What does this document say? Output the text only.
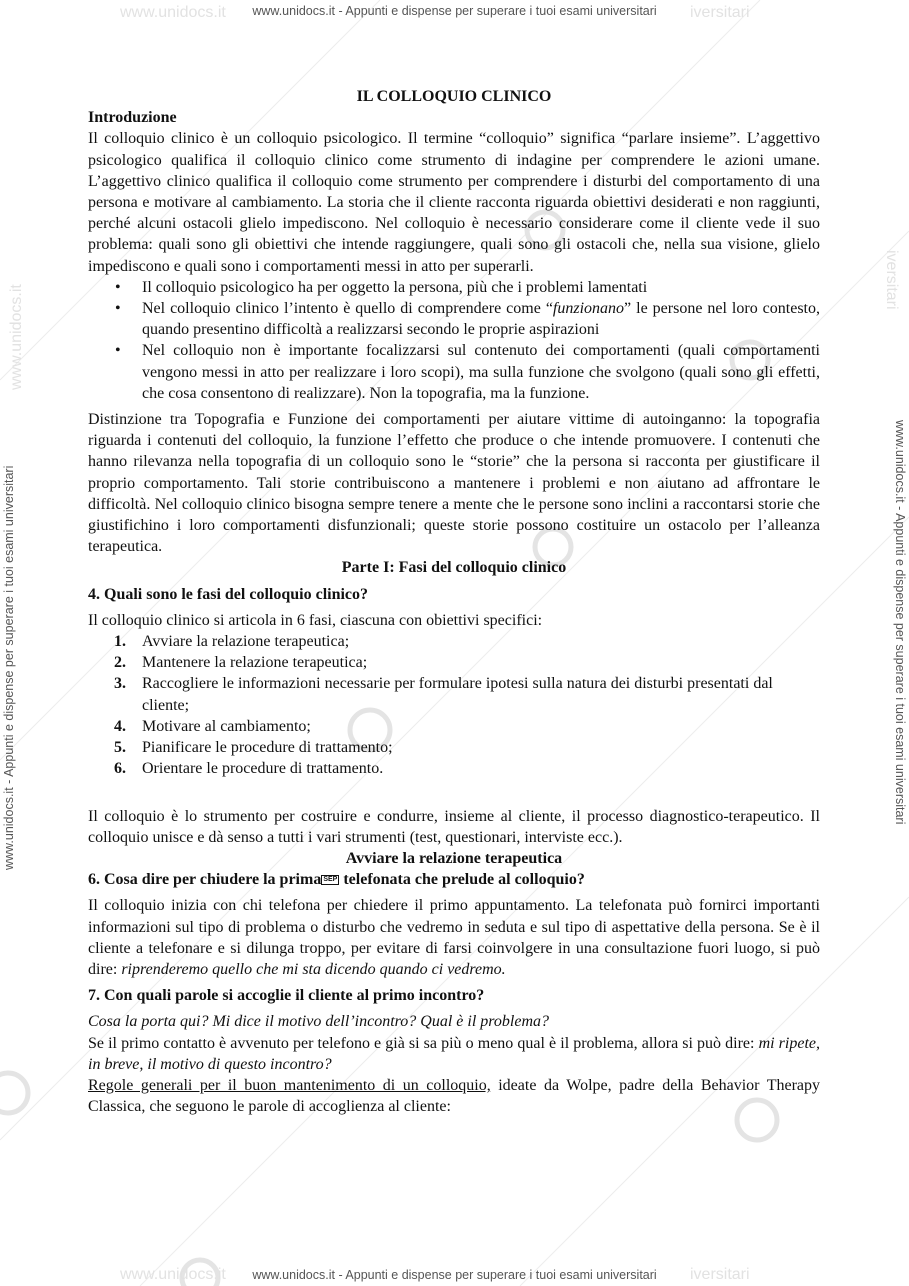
www.unidocs.it	iversitari
www.unidocs.it	iversitari
www.unidocs.it
iversitari
www.unidocs.it - Appunti e dispense per superare i tuoi esami universitari
www.unidocs.it - Appunti e dispense per superare i tuoi esami universitari
www.unidocs.it - Appunti e dispense per superare i tuoi esami universitari	www.unidocs.it - Appunti e dispense per superare i tuoi esami universitari
IL COLLOQUIO CLINICO
Introduzione

Il colloquio clinico è un colloquio psicologico. Il termine “colloquio” significa “parlare insieme”. L’aggettivo psicologico qualifica il colloquio clinico come strumento di indagine per comprendere le azioni umane. L’aggettivo clinico qualifica il colloquio come strumento per comprendere i disturbi del comportamento di una persona e motivare al cambiamento. La storia che il cliente racconta riguarda obiettivi desiderati e non raggiunti, perché alcuni ostacoli glielo impediscono. Nel colloquio è necessario considerare come il cliente vede il suo problema: quali sono gli obiettivi che intende raggiungere, quali sono gli ostacoli che, nella sua visione, glielo impediscono e quali sono i comportamenti messi in atto per superarli.

• Il colloquio psicologico ha per oggetto la persona, più che i problemi lamentati
• Nel colloquio clinico l’intento è quello di comprendere come “funzionano” le persone nel loro contesto, quando presentino difficoltà a realizzarsi secondo le proprie aspirazioni
• Nel colloquio non è importante focalizzarsi sul contenuto dei comportamenti (quali comportamenti vengono messi in atto per realizzare i loro scopi), ma sulla funzione che svolgono (quali sono gli effetti, che cosa consentono di realizzare). Non la topografia, ma la funzione.

Distinzione tra Topografia e Funzione dei comportamenti per aiutare vittime di autoinganno: la topografia riguarda i contenuti del colloquio, la funzione l’effetto che produce o che intende promuovere. I contenuti che hanno rilevanza nella topografia di un colloquio sono le “storie” che la persona si racconta per giustificare il proprio comportamento. Tali storie contribuiscono a mantenere i problemi e non aiutano ad affrontare le difficoltà. Nel colloquio clinico bisogna sempre tenere a mente che le persone sono inclini a raccontarsi storie che giustifichino i loro comportamenti disfunzionali; queste storie possono costituire un ostacolo per l’alleanza terapeutica.

Parte I: Fasi del colloquio clinico
4. Quali sono le fasi del colloquio clinico?

Il colloquio clinico si articola in 6 fasi, ciascuna con obiettivi specifici:

1. Avviare la relazione terapeutica;
2. Mantenere la relazione terapeutica;
3. Raccogliere le informazioni necessarie per formulare ipotesi sulla natura dei disturbi presentati dal cliente;
4. Motivare al cambiamento;
5. Pianificare le procedure di trattamento;
6. Orientare le procedure di trattamento.

Il colloquio è lo strumento per costruire e condurre, insieme al cliente, il processo diagnostico-terapeutico. Il colloquio unisce e dà senso a tutti i vari strumenti (test, questionari, interviste ecc.).

Avviare la relazione terapeutica
6. Cosa dire per chiudere la prima SEP telefonata che prelude al colloquio?

Il colloquio inizia con chi telefona per chiedere il primo appuntamento. La telefonata può fornirci importanti informazioni sul tipo di problema o disturbo che vedremo in seduta e sul tipo di aspettative della persona. Se è il cliente a telefonare e si dilunga troppo, per evitare di farsi coinvolgere in una consultazione fuori luogo, si può dire: riprenderemo quello che mi sta dicendo quando ci vedremo.

7. Con quali parole si accoglie il cliente al primo incontro?

Cosa la porta qui? Mi dice il motivo dell’incontro? Qual è il problema?

Se il primo contatto è avvenuto per telefono e già si sa più o meno qual è il problema, allora si può dire: mi ripete, in breve, il motivo di questo incontro?

Regole generali per il buon mantenimento di un colloquio, ideate da Wolpe, padre della Behavior Therapy Classica, che seguono le parole di accoglienza al cliente:
